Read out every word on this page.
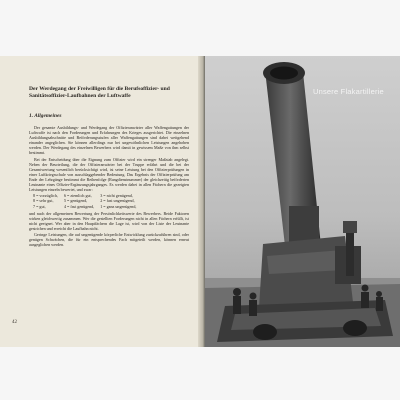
Der Werdegang der Freiwilligen für die Berufsoffizier- und Sanitätsoffizier-Laufbahnen der Luftwaffe

1. Allgemeines

Der gesamte Ausbildungs- und Werdegang der Offizieranwärter aller Waffengattungen der Luftwaffe ist nach den Forderungen und Erfahrungen des Krieges ausgerichtet. Die einzelnen Ausbildungsabschnitte und Beförderungsstufen aller Waffengattungen sind dabei weitgehend einander angeglichen. Sie können allerdings nur bei ungewöhnlichen Leistungen angehoben werden. Der Werdegang des einzelnen Bewerbers wird damit in gewissem Maße von ihm selbst bestimmt.

Bei der Entscheidung über die Eignung zum Offizier wird ein strenger Maßstab angelegt. Neben der Beurteilung, die der Offizieranwärter bei der Truppe erfährt und die bei der Gesamtwertung wesentlich berücksichtigt wird, ist seine Leistung bei den Offizierprüfungen in einer Luftkriegsschule von ausschlaggebender Bedeutung. Das Ergebnis der Offizierprüfung am Ende der Lehrgänge bestimmt die Reihenfolge (Rangdienstnummer) der gleichzeitig beförderten Leutnante eines Offizier-Ergänzungsjahrganges. Es werden dabei in allen Fächern die gezeigten Leistungen einzeln bewertet, und zwar:

8 = vorzüglich,	6 = ziemlich gut,	3 = nicht genügend,
8 = sehr gut,	5 = genügend,	2 = fast ungenügend,
7 = gut,	4 = fast genügend,	1 = ganz ungenügend,

und nach der allgemeinen Bewertung der Persönlichkeitswerte des Bewerbers. Beide Faktoren wirken gleichwertig zusammen. Wer die gestellten Forderungen nicht in allen Fächern erfüllt, ist nicht geeignet. Wer aber in den Hauptfächern die Lage ist, wird von der Liste der Leutnante gestrichen und erreicht die Laufbahn nicht.

Geringe Leistungen, die auf ungenügende körperliche Entwicklung zurückzuführen sind, oder genügen Schwächen, die für ein entsprechendes Fach mitgeteilt werden, können erneut ausgeglichen werden.

42
Unsere Flakartillerie
